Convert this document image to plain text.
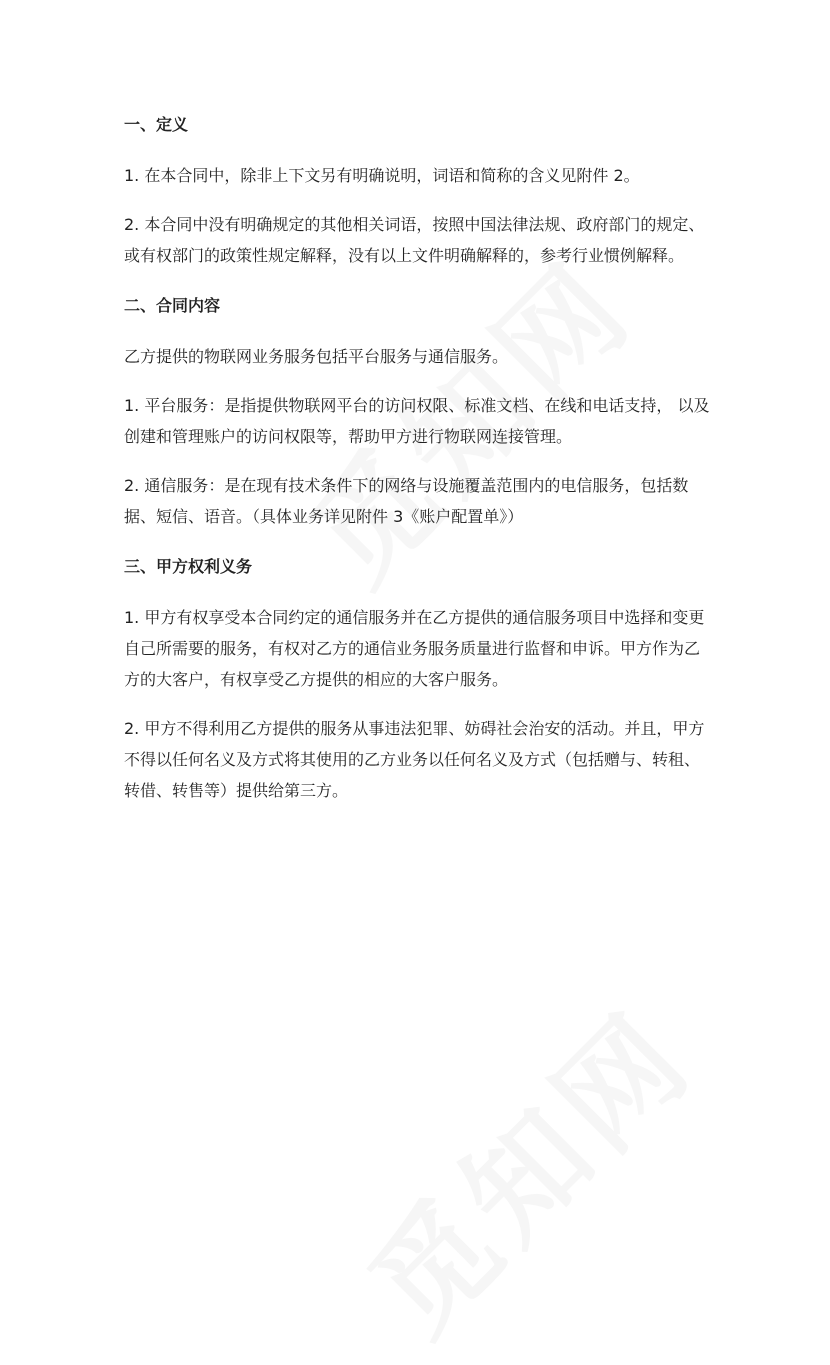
一、定义

1. 在本合同中，除非上下文另有明确说明，词语和简称的含义见附件 2。

2. 本合同中没有明确规定的其他相关词语，按照中国法律法规、政府部门的规定、或有权部门的政策性规定解释，没有以上文件明确解释的，参考行业惯例解释。

二、合同内容

乙方提供的物联网业务服务包括平台服务与通信服务。

1. 平台服务：是指提供物联网平台的访问权限、标准文档、在线和电话支持， 以及创建和管理账户的访问权限等，帮助甲方进行物联网连接管理。

2. 通信服务：是在现有技术条件下的网络与设施覆盖范围内的电信服务，包括数据、短信、语音。（具体业务详见附件 3《账户配置单》）

三、甲方权利义务

1. 甲方有权享受本合同约定的通信服务并在乙方提供的通信服务项目中选择和变更自己所需要的服务，有权对乙方的通信业务服务质量进行监督和申诉。甲方作为乙方的大客户，有权享受乙方提供的相应的大客户服务。

2. 甲方不得利用乙方提供的服务从事违法犯罪、妨碍社会治安的活动。并且，甲方不得以任何名义及方式将其使用的乙方业务以任何名义及方式（包括赠与、转租、转借、转售等）提供给第三方。
